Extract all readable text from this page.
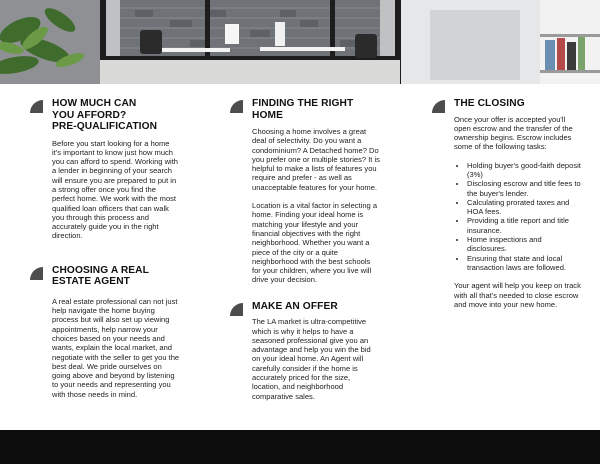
HOW MUCH CAN
YOU AFFORD?
PRE-QUALIFICATION

Before you start looking for a home it's important to know just how much you can afford to spend. Working with a lender in beginning of your search will ensure you are prepared to put in a strong offer once you find the perfect home. We work with the most qualified loan officers that can walk you through this process and accurately guide you in the right direction.

CHOOSING A REAL
ESTATE AGENT

A real estate professional can not just help navigate the home buying process but will also set up viewing appointments, help narrow your choices based on your needs and wants, explain the local market, and negotiate with the seller to get you the best deal. We pride ourselves on going above and beyond by listening to your needs and representing you with those needs in mind.

FINDING THE RIGHT
HOME

Choosing a home involves a great deal of selectivity. Do you want a condominium? A Detached home? Do you prefer one or multiple stories? It is helpful to make a lists of features you require and prefer - as well as unacceptable features for your home.

Location is a vital factor in selecting a home. Finding your ideal home is matching your lifestyle and your financial objectives with the right neighborhood. Whether you want a piece of the city or a quite neighborhood with the best schools for your children, where you live will drive your decision.

MAKE AN OFFER

The LA market is ultra-competitive which is why it helps to have a seasoned professional give you an advantage and help you win the bid on your ideal home. An Agent will carefully consider if the home is accurately priced for the size, location, and neighborhood comparative sales.

THE CLOSING

Once your offer is accepted you'll open escrow and the transfer of the ownership begins. Escrow includes some of the following tasks:

• Holding buyer's good-faith deposit (3%)
• Disclosing escrow and title fees to the buyer's lender.
• Calculating prorated taxes and HOA fees.
• Providing a title report and title insurance.
• Home inspections and disclosures.
• Ensuring that state and local transaction laws are followed.

Your agent will help you keep on track with all that's needed to close escrow and move into your new home.
